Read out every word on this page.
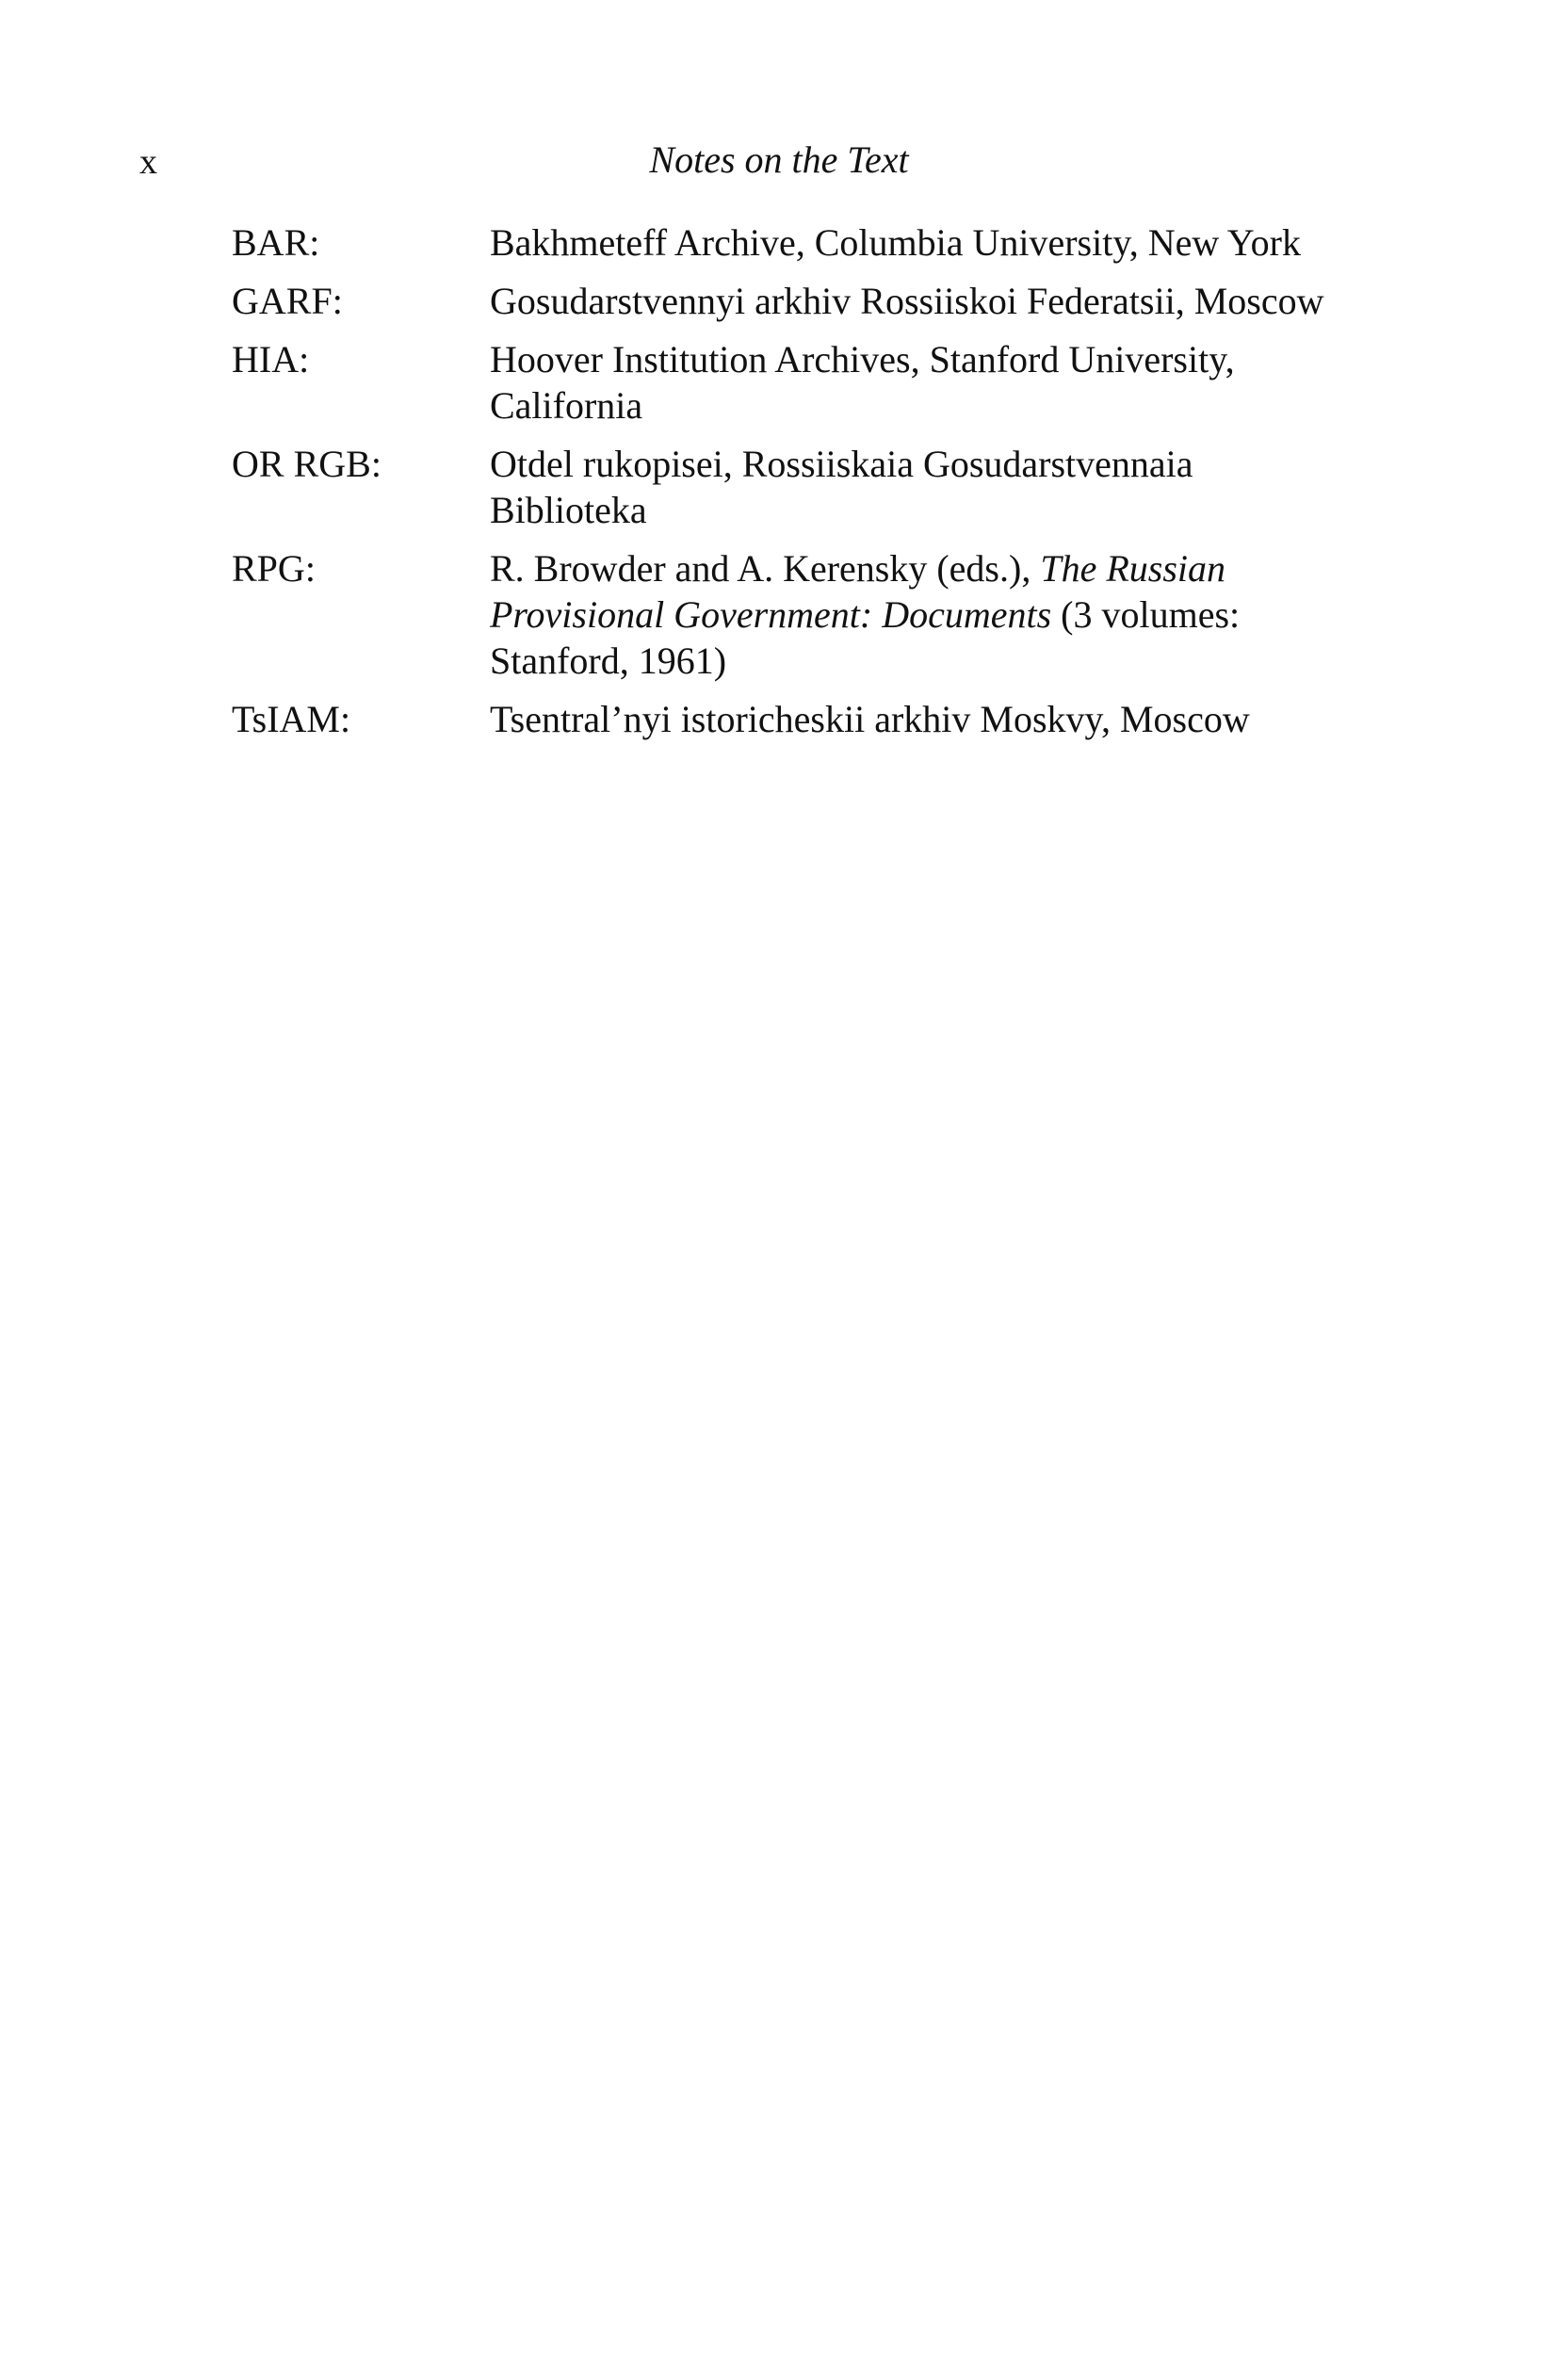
x	Notes on the Text
BAR:	Bakhmeteff Archive, Columbia University, New York
GARF:	Gosudarstvennyi arkhiv Rossiiskoi Federatsii, Moscow
HIA:	Hoover Institution Archives, Stanford University,
California
OR RGB:	Otdel rukopisei, Rossiiskaia Gosudarstvennaia
Biblioteka
RPG:	R. Browder and A. Kerensky (eds.), The Russian
Provisional Government: Documents (3 volumes:
Stanford, 1961)
TsIAM:	Tsentral’nyi istoricheskii arkhiv Moskvy, Moscow
